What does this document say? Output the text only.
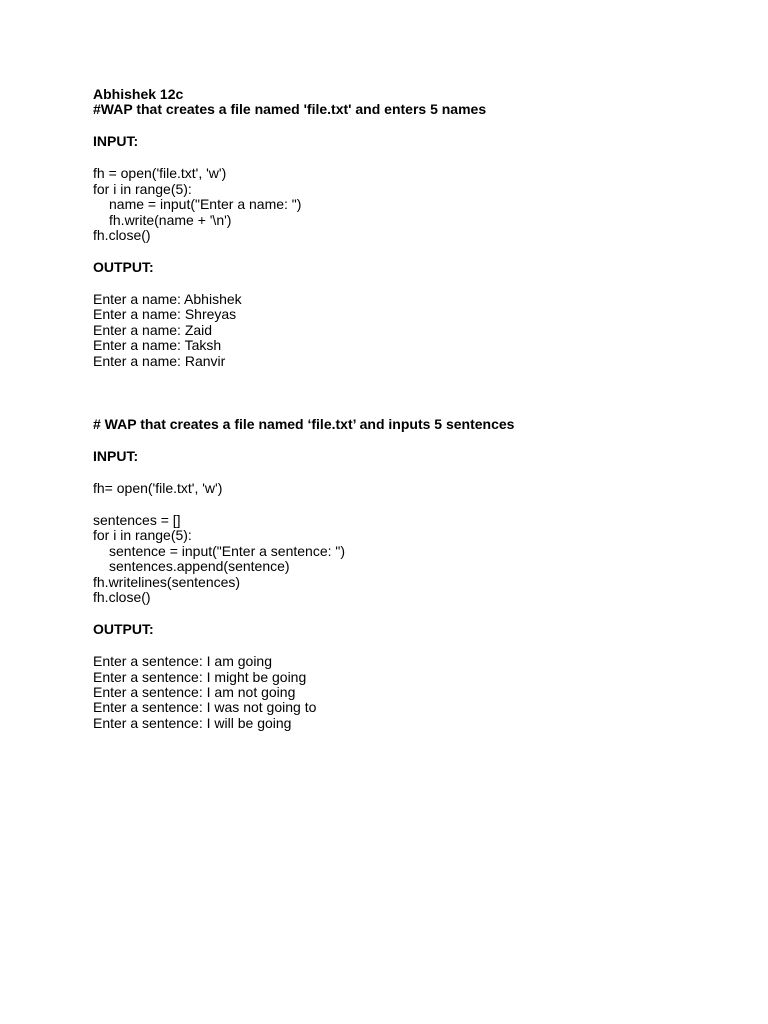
Abhishek 12c
#WAP that creates a file named 'file.txt' and enters 5 names
INPUT:
fh = open('file.txt', 'w')
for i in range(5):
name = input("Enter a name: ")
fh.write(name + '\n')
fh.close()
OUTPUT:
Enter a name: Abhishek
Enter a name: Shreyas
Enter a name: Zaid
Enter a name: Taksh
Enter a name: Ranvir
# WAP that creates a file named ‘file.txt’ and inputs 5 sentences
INPUT:
fh= open('file.txt', 'w')
sentences = []
for i in range(5):
sentence = input("Enter a sentence: ")
sentences.append(sentence)
fh.writelines(sentences)
fh.close()
OUTPUT:
Enter a sentence: I am going
Enter a sentence: I might be going
Enter a sentence: I am not going
Enter a sentence: I was not going to
Enter a sentence: I will be going
